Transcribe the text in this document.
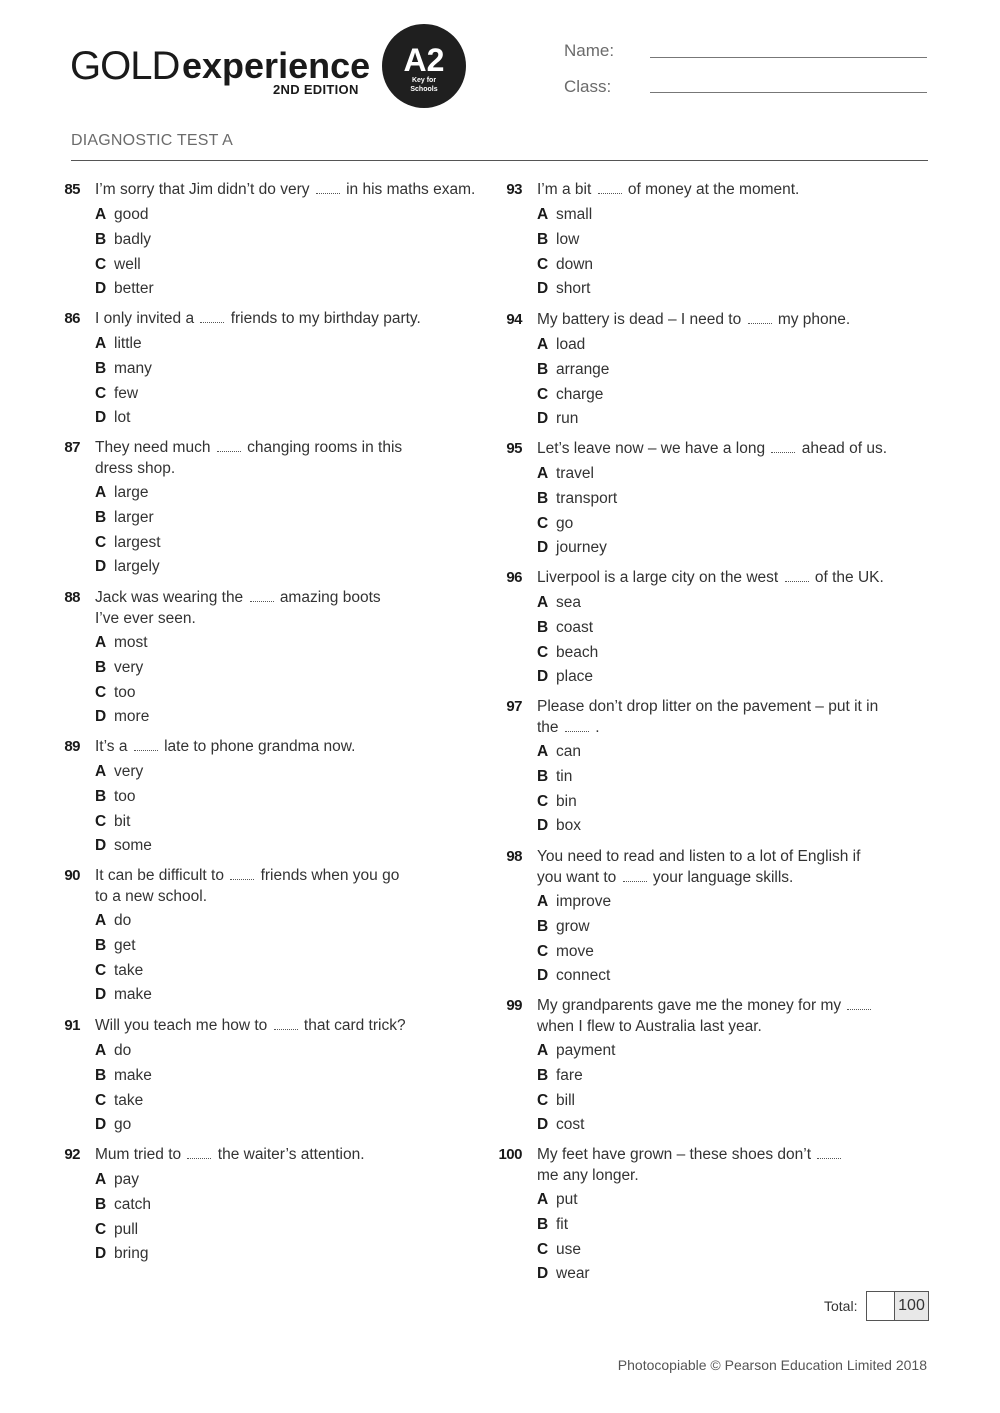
GOLD experience
2ND EDITION
A2
Key for
Schools
Name:
Class:
DIAGNOSTIC TEST A
85 I’m sorry that Jim didn’t do very in his maths exam.
A good
B badly
C well
D better
86 I only invited a friends to my birthday party.
A little
B many
C few
D lot
87 They need much changing rooms in this
dress shop.
A large
B larger
C largest
D largely
88 Jack was wearing the amazing boots
I’ve ever seen.
A most
B very
C too
D more
89 It’s a late to phone grandma now.
A very
B too
C bit
D some
90 It can be difficult to friends when you go
to a new school.
A do
B get
C take
D make
91 Will you teach me how to that card trick?
A do
B make
C take
D go
92 Mum tried to the waiter’s attention.
A pay
B catch
C pull
D bring
93 I’m a bit of money at the moment.
A small
B low
C down
D short
94 My battery is dead – I need to my phone.
A load
B arrange
C charge
D run
95 Let’s leave now – we have a long ahead of us.
A travel
B transport
C go
D journey
96 Liverpool is a large city on the west of the UK.
A sea
B coast
C beach
D place
97 Please don’t drop litter on the pavement – put it in
the .
A can
B tin
C bin
D box
98 You need to read and listen to a lot of English if
you want to your language skills.
A improve
B grow
C move
D connect
99 My grandparents gave me the money for my
when I flew to Australia last year.
A payment
B fare
C bill
D cost
100 My feet have grown – these shoes don’t
me any longer.
A put
B fit
C use
D wear
Total:	100
Photocopiable © Pearson Education Limited 2018
